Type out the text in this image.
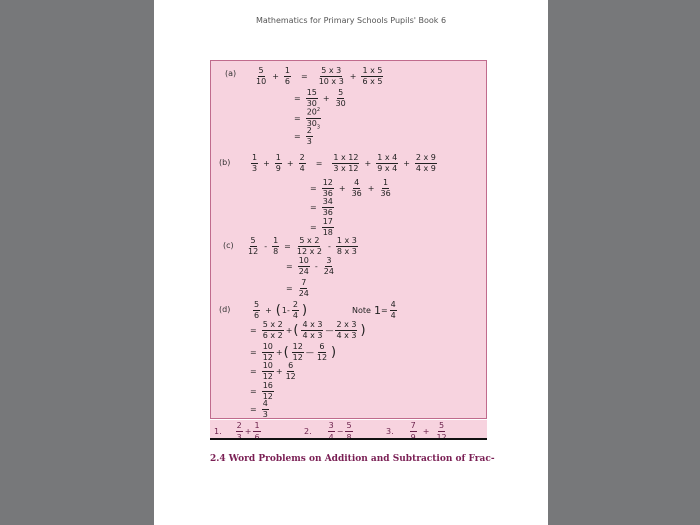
Mathematics for Primary Schools Pupils' Book 6
$(a) \frac{5}{10} + \frac{1}{6} = \frac{5 x 3}{10 x 3} + \frac{1 x 5}{6 x 5}$
= $\frac{15}{30} + \frac{5}{30}$
= $\frac{20^2}{30_3}$
= $\frac{2}{3}$
(b)	$\frac{1}{3} + \frac{1}{9} + \frac{2}{4} = \frac{1 x 12}{3 x 12} + \frac{1 x 4}{9 x 4} + \frac{2 x 9}{4 x 9}$
= $\frac{12}{36} + \frac{4}{36} + \frac{1}{36}$
= $\frac{34}{36}$
= $\frac{17}{18}$
$(c) \frac{5}{12} - \frac{1}{8} = \frac{5 x 2}{12 x 2} - \frac{1 x 3}{8 x 3}$
= $\frac{10}{24} - \frac{3}{24}$
= $\frac{7}{24}$
(d)	$\frac{5}{6}$ + ( $1 - \frac{2}{4}$ )	Note $1 = \frac{4}{4}$
= $\frac{5 x 2}{6 x 2}$ + ( $\frac{4 x 3}{4 x 3}$ — $\frac{2 x 3}{4 x 3}$ )
= $\frac{10}{12}$ + ( $\frac{12}{12}$ — $\frac{6}{12}$ )
= $\frac{10}{12} + \frac{6}{12}$
= $\frac{16}{12}$
= $\frac{4}{3}$
1.
2
+
1
2.
3
−
5
3.
7
+
5
2.4 Word Problems on Addition and Subtraction of Frac-
